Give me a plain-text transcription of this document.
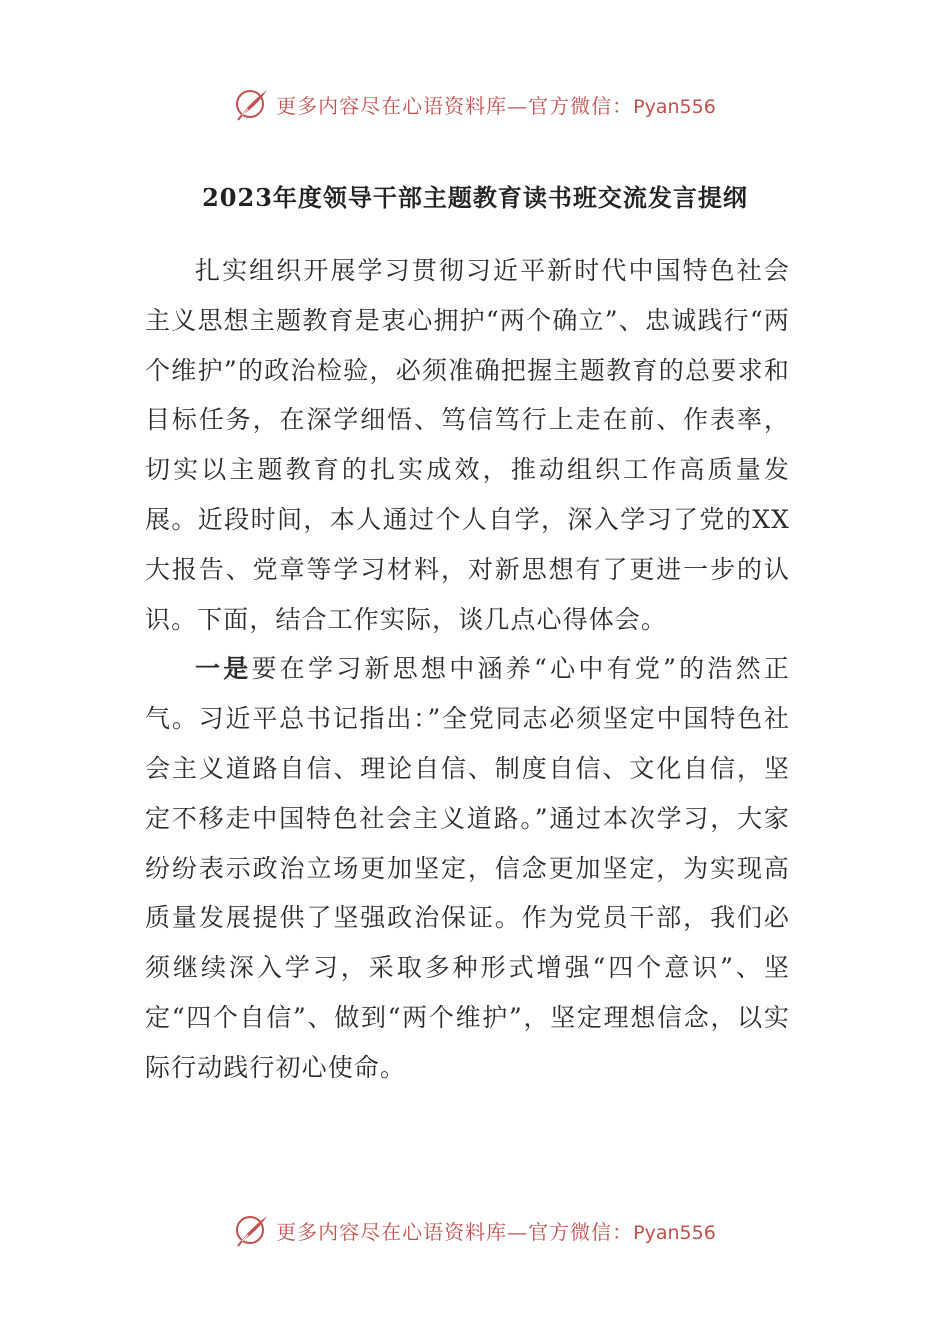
更多内容尽在心语资料库—官方微信：Pyan556
2023年度领导干部主题教育读书班交流发言提纲

扎实组织开展学习贯彻习近平新时代中国特色社会主义思想主题教育是衷心拥护“两个确立”、忠诚践行“两个维护”的政治检验，必须准确把握主题教育的总要求和目标任务，在深学细悟、笃信笃行上走在前、作表率，切实以主题教育的扎实成效，推动组织工作高质量发展。近段时间，本人通过个人自学，深入学习了党的XX大报告、党章等学习材料，对新思想有了更进一步的认识。下面，结合工作实际，谈几点心得体会。

一是要在学习新思想中涵养“心中有党”的浩然正气。习近平总书记指出：”全党同志必须坚定中国特色社会主义道路自信、理论自信、制度自信、文化自信，坚定不移走中国特色社会主义道路。”通过本次学习，大家纷纷表示政治立场更加坚定，信念更加坚定，为实现高质量发展提供了坚强政治保证。作为党员干部，我们必须继续深入学习，采取多种形式增强“四个意识”、坚定“四个自信”、做到“两个维护”，坚定理想信念，以实际行动践行初心使命。

更多内容尽在心语资料库—官方微信：Pyan556
